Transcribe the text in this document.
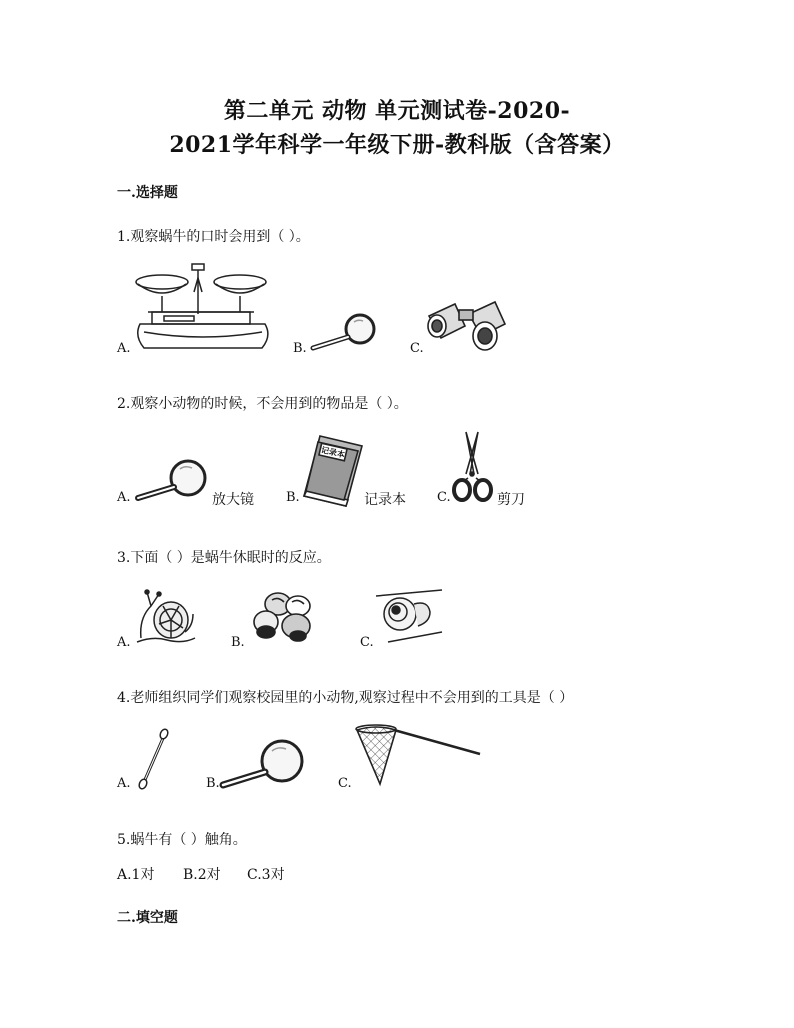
第二单元 动物 单元测试卷-2020-
2021学年科学一年级下册-教科版（含答案）
一.选择题
1.观察蜗牛的口时会用到（ ）。
A.	B.	C.
2.观察小动物的时候，不会用到的物品是（ ）。
A.	放大镜
记录本
B.	记录本 C.	剪刀
3.下面（ ）是蜗牛休眠时的反应。
A.	B.	C.
4.老师组织同学们观察校园里的小动物,观察过程中不会用到的工具是（ ）
A.	B.	C.
5.蜗牛有（ ）触角。
A.1对 B.2对 C.3对
二.填空题
